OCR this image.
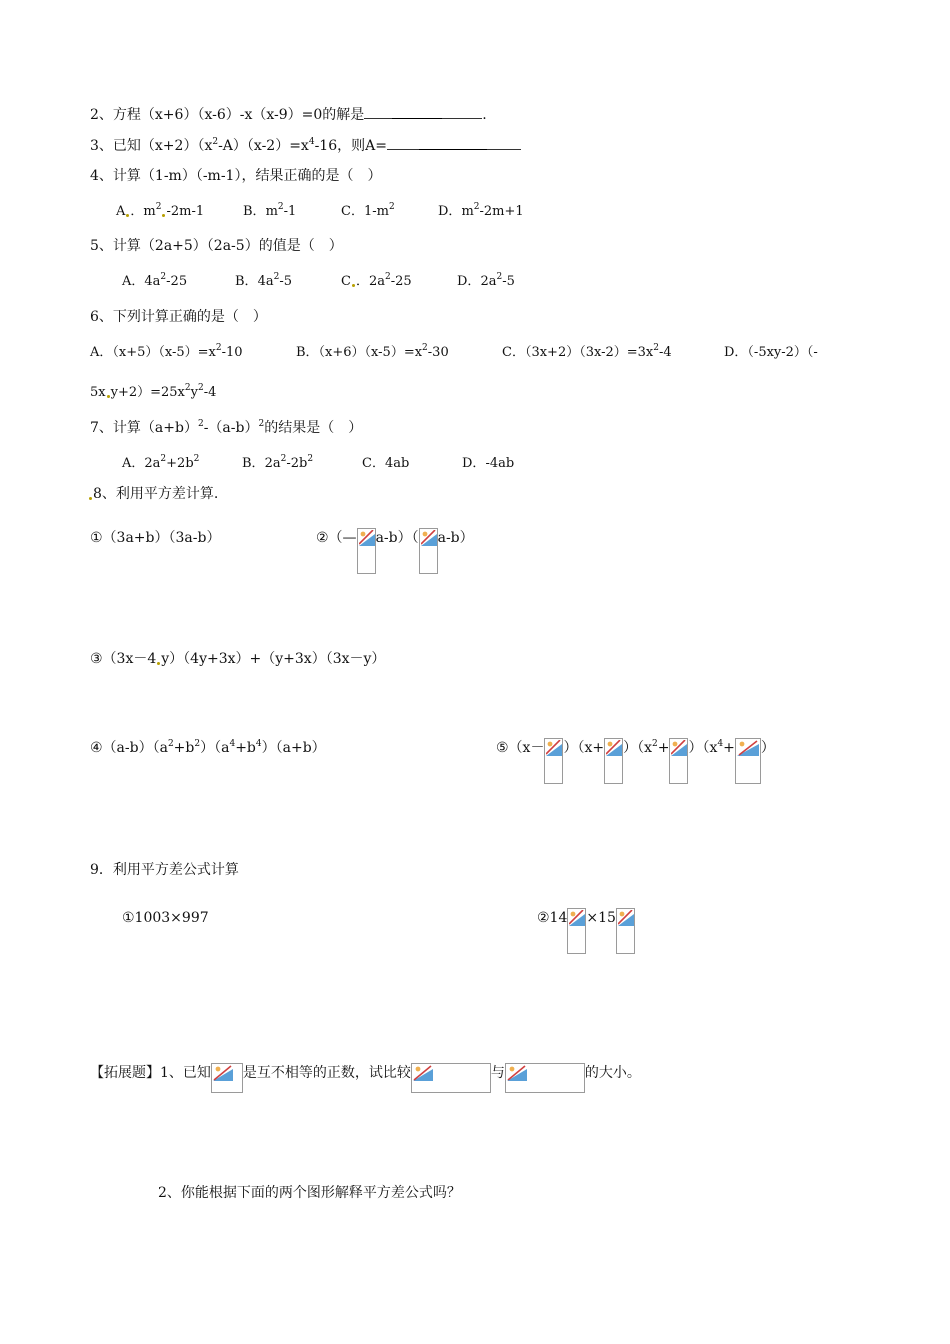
2、方程（x+6）（x-6）-x（x-9）=0的解是	.
3、已知$(x+2)(x^2-A)(x-2)=x^4-16$，则A=
4、计算（1-m）（-m-1），结果正确的是（　）
A ．$m^2$ -2m-1	B．$m^2-1$	C．$1-m^2$	D．$m^2-2m+1$
5、计算（2a+5）（2a-5）的值是（　）
A．$4a^2-25$	B．$4a^2-5$	C ．$2a^2-25$	D．$2a^2-5$
6、下列计算正确的是（　）
A．$(x+5)(x-5)=x^2-10$	B．$(x+6)(x-5)=x^2-30$	C．$(3x+2)(3x-2)=3x^2-4$	D．（-5xy-2）（-
5x $y+2)=25x^2y^2-4$
7、计算$(a+b)^2-(a-b)^2$的结果是（　）
A．$2a^2+2b^2$	B．$2a^2-2b^2$	C．4ab	D．-4ab
8、利用平方差计算.
①（3a+b）（3a-b）	②（— a-b）（ a-b）
③（3x－4 y）（4y+3x）+（y+3x）（3x－y）
$④(a-b)(a^2+b^2)(a^4+b^4)(a+b)$	⑤（x－ ）$(x+ )(x^2+ )(x^4+$ ）
9．利用平方差公式计算
①1003×997	②14 ×15
【拓展题】1、已知 是互不相等的正数，试比较	与	的大小。
2、你能根据下面的两个图形解释平方差公式吗？
